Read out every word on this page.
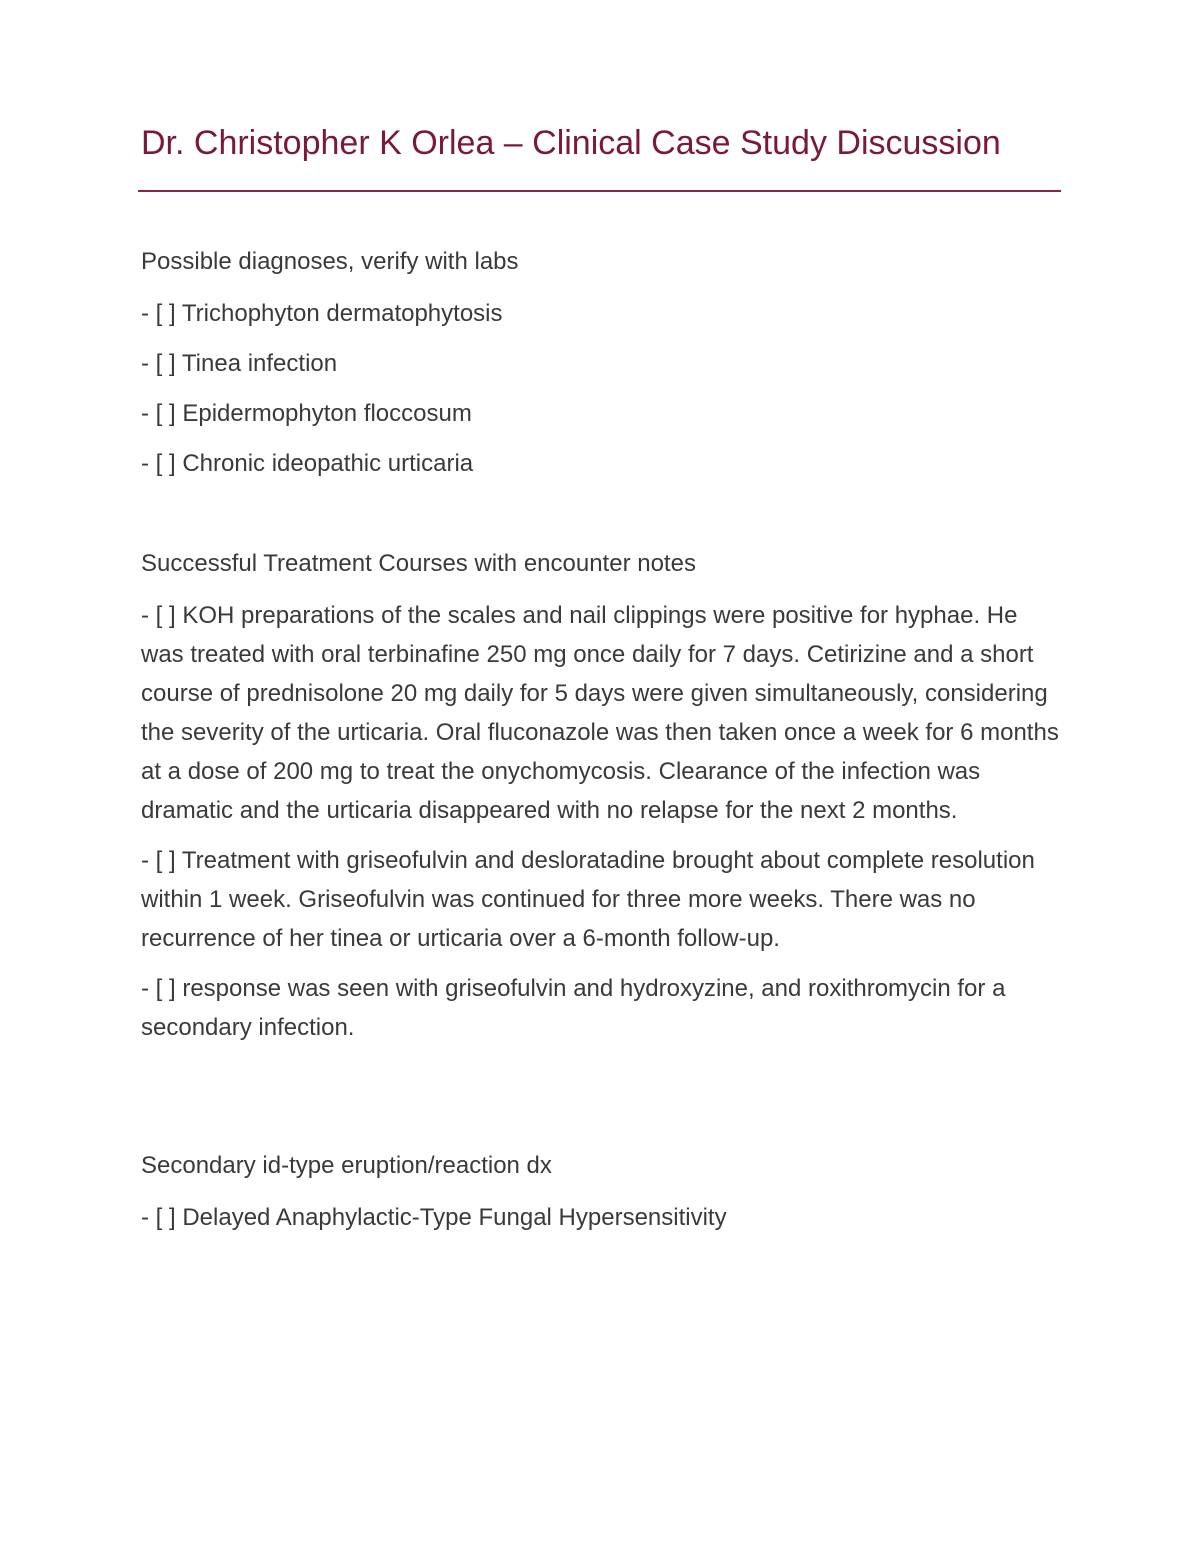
Dr. Christopher K Orlea – Clinical Case Study Discussion

Possible diagnoses, verify with labs

- [ ] Trichophyton dermatophytosis

- [ ] Tinea infection

- [ ] Epidermophyton floccosum

- [ ] Chronic ideopathic urticaria

Successful Treatment Courses with encounter notes

- [ ] KOH preparations of the scales and nail clippings were positive for hyphae. He was treated with oral terbinafine 250 mg once daily for 7 days. Cetirizine and a short course of prednisolone 20 mg daily for 5 days were given simultaneously, considering the severity of the urticaria. Oral fluconazole was then taken once a week for 6 months at a dose of 200 mg to treat the onychomycosis. Clearance of the infection was dramatic and the urticaria disappeared with no relapse for the next 2 months.

- [ ] Treatment with griseofulvin and desloratadine brought about complete resolution within 1 week. Griseofulvin was continued for three more weeks. There was no recurrence of her tinea or urticaria over a 6-month follow-up.

- [ ] response was seen with griseofulvin and hydroxyzine, and roxithromycin for a secondary infection.

Secondary id-type eruption/reaction dx

- [ ] Delayed Anaphylactic-Type Fungal Hypersensitivity
